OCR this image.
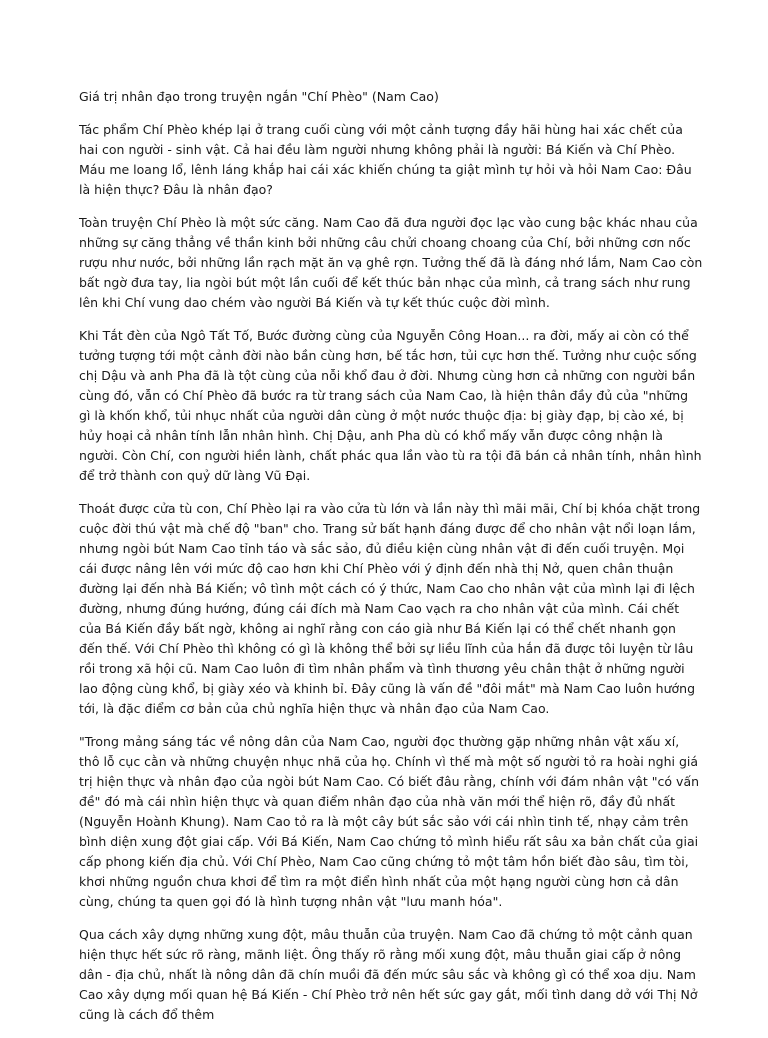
Giá trị nhân đạo trong truyện ngắn "Chí Phèo" (Nam Cao)

Tác phẩm Chí Phèo khép lại ở trang cuối cùng với một cảnh tượng đầy hãi hùng hai xác chết của hai con người - sinh vật. Cả hai đều làm người nhưng không phải là người: Bá Kiến và Chí Phèo. Máu me loang lổ, lênh láng khắp hai cái xác khiến chúng ta giật mình tự hỏi và hỏi Nam Cao: Đâu là hiện thực? Đâu là nhân đạo?

Toàn truyện Chí Phèo là một sức căng. Nam Cao đã đưa người đọc lạc vào cung bậc khác nhau của những sự căng thẳng về thần kinh bởi những câu chửi choang choang của Chí, bởi những cơn nốc rượu như nước, bởi những lần rạch mặt ăn vạ ghê rợn. Tưởng thế đã là đáng nhớ lắm, Nam Cao còn bất ngờ đưa tay, lia ngòi bút một lần cuối để kết thúc bản nhạc của mình, cả trang sách như rung lên khi Chí vung dao chém vào người Bá Kiến và tự kết thúc cuộc đời mình.

Khi Tắt đèn của Ngô Tất Tố, Bước đường cùng của Nguyễn Công Hoan... ra đời, mấy ai còn có thể tưởng tượng tới một cảnh đời nào bần cùng hơn, bế tắc hơn, tủi cực hơn thế. Tưởng như cuộc sống chị Dậu và anh Pha đã là tột cùng của nỗi khổ đau ở đời. Nhưng cùng hơn cả những con người bần cùng đó, vẫn có Chí Phèo đã bước ra từ trang sách của Nam Cao, là hiện thân đầy đủ của "những gì là khốn khổ, tủi nhục nhất của người dân cùng ở một nước thuộc địa: bị giày đạp, bị cào xé, bị hủy hoại cả nhân tính lẫn nhân hình. Chị Dậu, anh Pha dù có khổ mấy vẫn được công nhận là người. Còn Chí, con người hiền lành, chất phác qua lần vào tù ra tội đã bán cả nhân tính, nhân hình để trở thành con quỷ dữ làng Vũ Đại.

Thoát được cửa tù con, Chí Phèo lại ra vào cửa tù lớn và lần này thì mãi mãi, Chí bị khóa chặt trong cuộc đời thú vật mà chế độ "ban" cho. Trang sử bất hạnh đáng được để cho nhân vật nổi loạn lắm, nhưng ngòi bút Nam Cao tỉnh táo và sắc sảo, đủ điều kiện cùng nhân vật đi đến cuối truyện. Mọi cái được nâng lên với mức độ cao hơn khi Chí Phèo với ý định đến nhà thị Nở, quen chân thuận đường lại đến nhà Bá Kiến; vô tình một cách có ý thức, Nam Cao cho nhân vật của mình lại đi lệch đường, nhưng đúng hướng, đúng cái đích mà Nam Cao vạch ra cho nhân vật của mình. Cái chết của Bá Kiến đầy bất ngờ, không ai nghĩ rằng con cáo già như Bá Kiến lại có thể chết nhanh gọn đến thế. Với Chí Phèo thì không có gì là không thể bởi sự liều lĩnh của hắn đã được tôi luyện từ lâu rồi trong xã hội cũ. Nam Cao luôn đi tìm nhân phẩm và tình thương yêu chân thật ở những người lao động cùng khổ, bị giày xéo và khinh bỉ. Đây cũng là vấn đề "đôi mắt" mà Nam Cao luôn hướng tới, là đặc điểm cơ bản của chủ nghĩa hiện thực và nhân đạo của Nam Cao.

"Trong mảng sáng tác về nông dân của Nam Cao, người đọc thường gặp những nhân vật xấu xí, thô lỗ cục cằn và những chuyện nhục nhã của họ. Chính vì thế mà một số người tỏ ra hoài nghi giá trị hiện thực và nhân đạo của ngòi bút Nam Cao. Có biết đâu rằng, chính với đám nhân vật "có vấn đề" đó mà cái nhìn hiện thực và quan điểm nhân đạo của nhà văn mới thể hiện rõ, đầy đủ nhất (Nguyễn Hoành Khung). Nam Cao tỏ ra là một cây bút sắc sảo với cái nhìn tinh tế, nhạy cảm trên bình diện xung đột giai cấp. Với Bá Kiến, Nam Cao chứng tỏ mình hiểu rất sâu xa bản chất của giai cấp phong kiến địa chủ. Với Chí Phèo, Nam Cao cũng chứng tỏ một tâm hồn biết đào sâu, tìm tòi, khơi những nguồn chưa khơi để tìm ra một điển hình nhất của một hạng người cùng hơn cả dân cùng, chúng ta quen gọi đó là hình tượng nhân vật "lưu manh hóa".

Qua cách xây dựng những xung đột, mâu thuẫn của truyện. Nam Cao đã chứng tỏ một cảnh quan hiện thực hết sức rõ ràng, mãnh liệt. Ông thấy rõ rằng mối xung đột, mâu thuẫn giai cấp ở nông dân - địa chủ, nhất là nông dân đã chín muồi đã đến mức sâu sắc và không gì có thể xoa dịu. Nam Cao xây dựng mối quan hệ Bá Kiến - Chí Phèo trở nên hết sức gay gắt, mối tình dang dở với Thị Nở cũng là cách đổ thêm
